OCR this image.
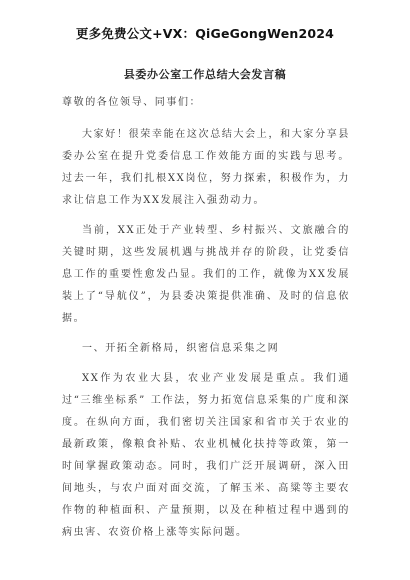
更多免费公文+VX：QiGeGongWen2024
县委办公室工作总结大会发言稿

尊敬的各位领导、同事们：

大家好！很荣幸能在这次总结大会上，和大家分享县委办公室在提升党委信息工作效能方面的实践与思考。过去一年，我们扎根XX岗位，努力探索，积极作为，力求让信息工作为XX发展注入强劲动力。

当前，XX正处于产业转型、乡村振兴、文旅融合的关键时期，这些发展机遇与挑战并存的阶段，让党委信息工作的重要性愈发凸显。我们的工作，就像为XX发展装上了“导航仪”，为县委决策提供准确、及时的信息依据。

一、开拓全新格局，织密信息采集之网

XX作为农业大县，农业产业发展是重点。我们通过“三维坐标系” 工作法，努力拓宽信息采集的广度和深度。在纵向方面，我们密切关注国家和省市关于农业的最新政策，像粮食补贴、农业机械化扶持等政策，第一时间掌握政策动态。同时，我们广泛开展调研，深入田间地头，与农户面对面交流，了解玉米、高粱等主要农作物的种植面积、产量预期，以及在种植过程中遇到的病虫害、农资价格上涨等实际问题。
